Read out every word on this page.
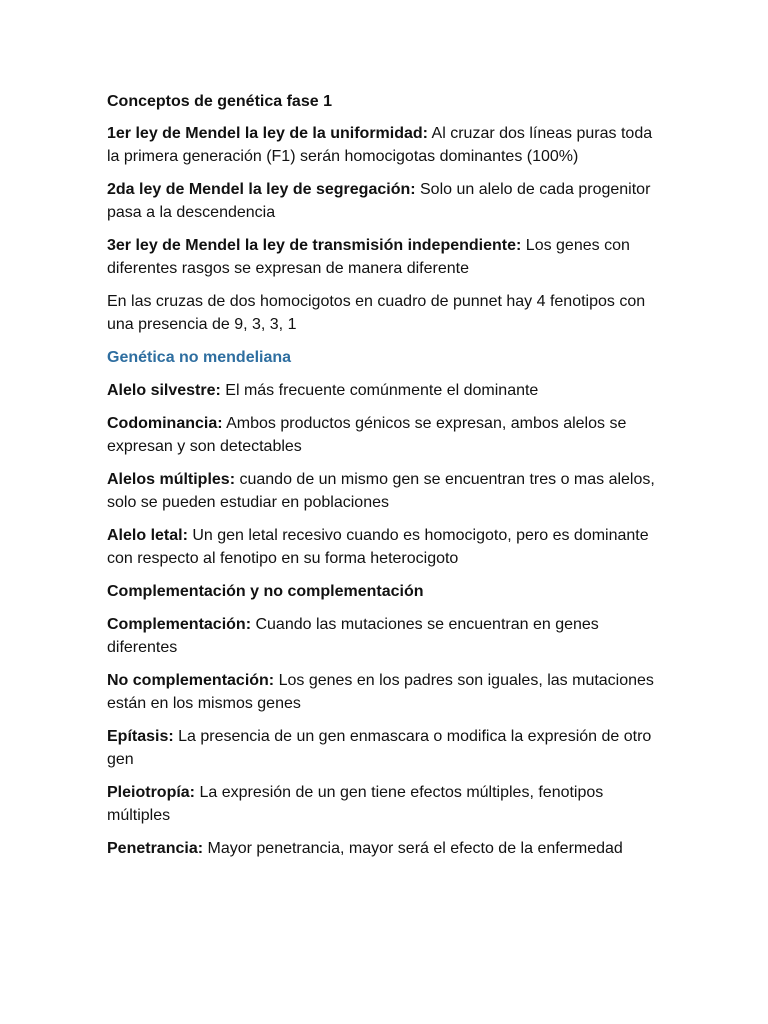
Conceptos de genética fase 1

1er ley de Mendel la ley de la uniformidad: Al cruzar dos líneas puras toda la primera generación (F1) serán homocigotas dominantes (100%)

2da ley de Mendel la ley de segregación: Solo un alelo de cada progenitor pasa a la descendencia

3er ley de Mendel la ley de transmisión independiente: Los genes con diferentes rasgos se expresan de manera diferente

En las cruzas de dos homocigotos en cuadro de punnet hay 4 fenotipos con una presencia de 9, 3, 3, 1

Genética no mendeliana

Alelo silvestre: El más frecuente comúnmente el dominante

Codominancia: Ambos productos génicos se expresan, ambos alelos se expresan y son detectables

Alelos múltiples: cuando de un mismo gen se encuentran tres o mas alelos, solo se pueden estudiar en poblaciones

Alelo letal: Un gen letal recesivo cuando es homocigoto, pero es dominante con respecto al fenotipo en su forma heterocigoto

Complementación y no complementación

Complementación: Cuando las mutaciones se encuentran en genes diferentes

No complementación: Los genes en los padres son iguales, las mutaciones están en los mismos genes

Epítasis: La presencia de un gen enmascara o modifica la expresión de otro gen

Pleiotropía: La expresión de un gen tiene efectos múltiples, fenotipos múltiples

Penetrancia: Mayor penetrancia, mayor será el efecto de la enfermedad
